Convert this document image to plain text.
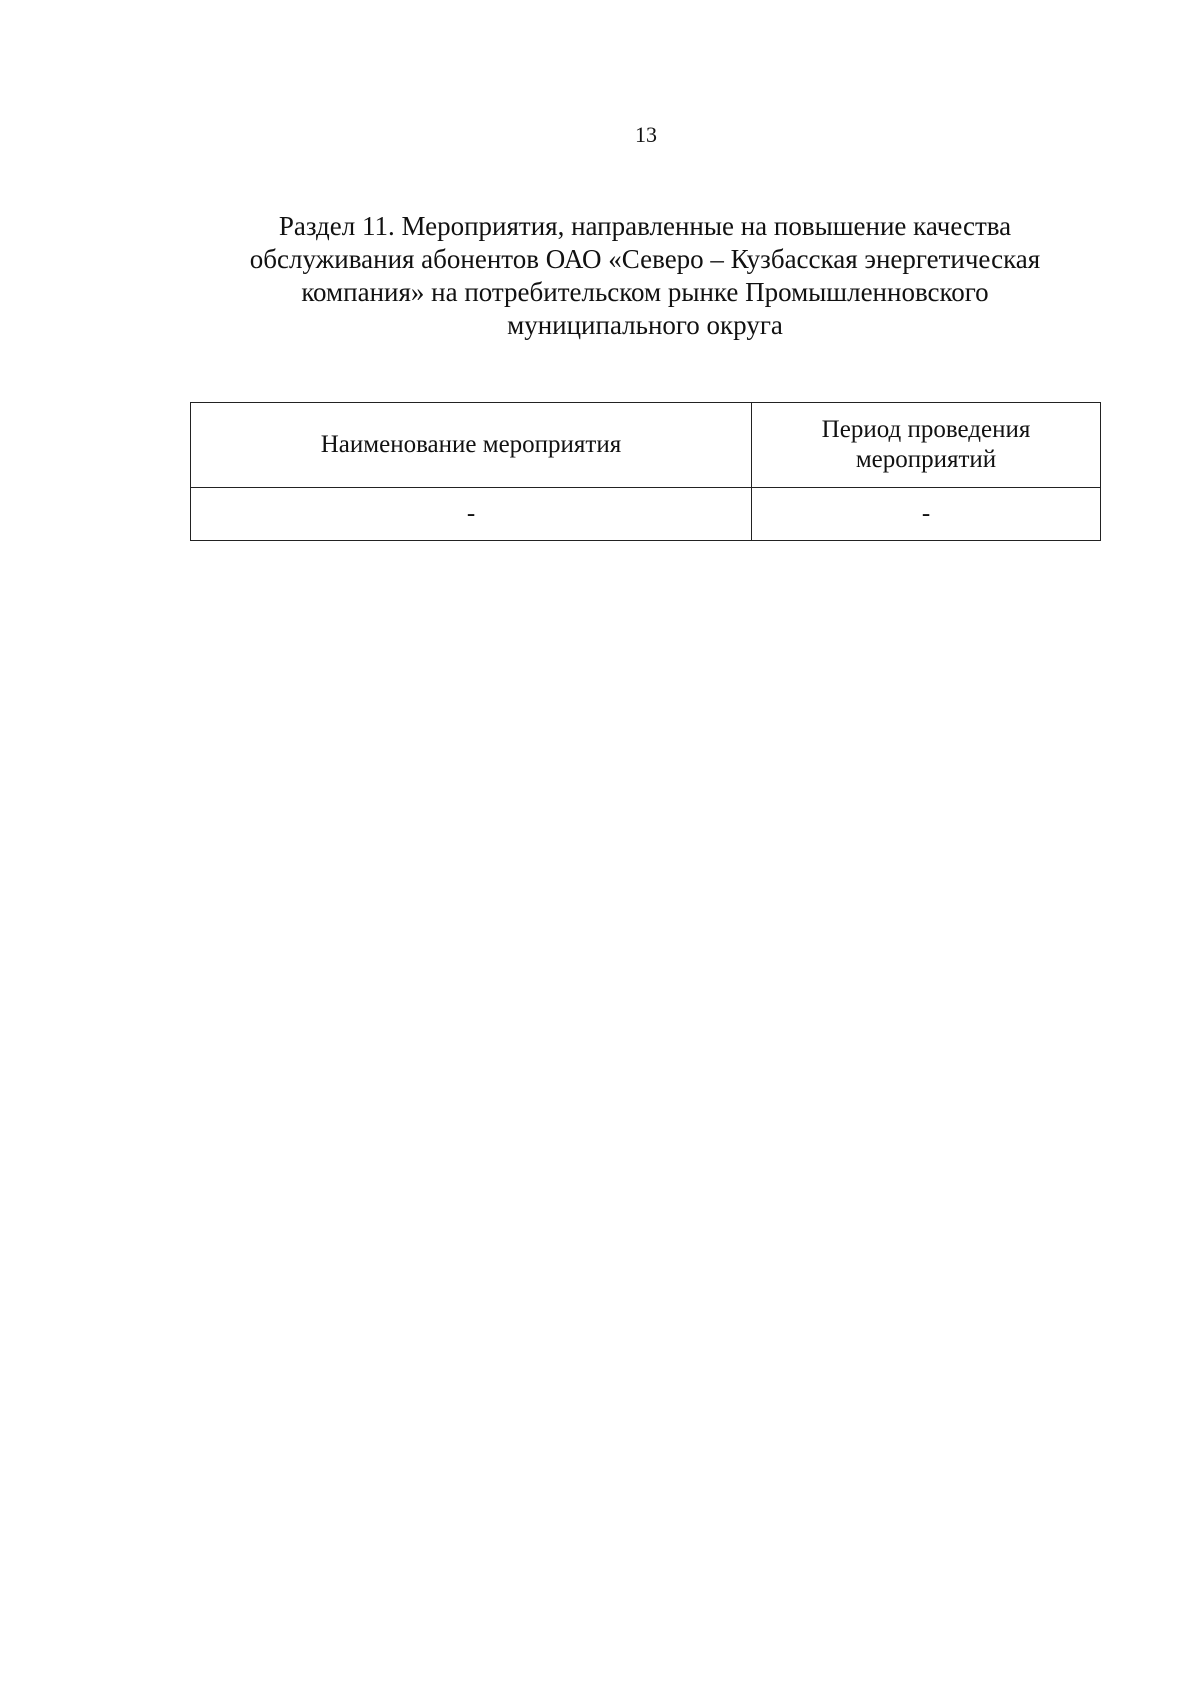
13
Раздел 11. Мероприятия, направленные на повышение качества
обслуживания абонентов ОАО «Северо – Кузбасская энергетическая
компания» на потребительском рынке Промышленновского
муниципального округа
Наименование мероприятия	Период проведения мероприятий
-	-
